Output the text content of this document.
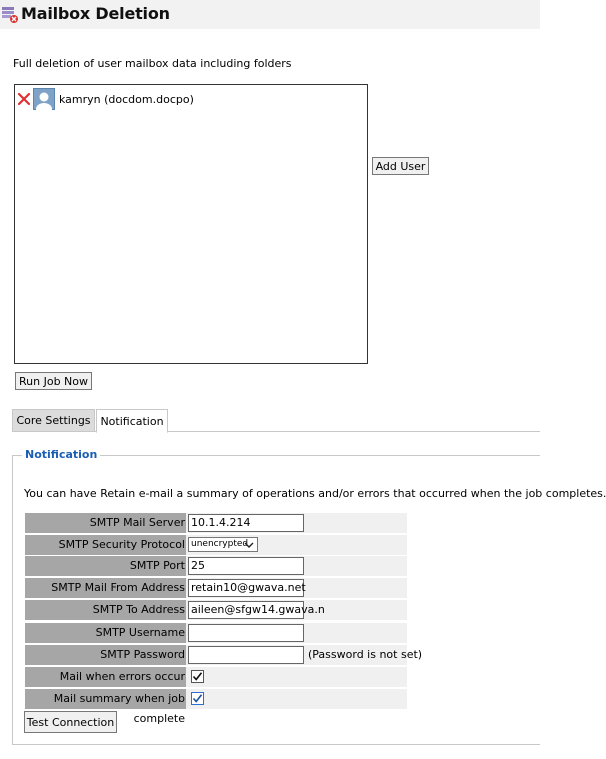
Mailbox Deletion
Full deletion of user mailbox data including folders
kamryn (docdom.docpo)
Add User
Run Job Now
Core Settings Notification
Notification
You can have Retain e-mail a summary of operations and/or errors that occurred when the job completes.
SMTP Mail Server 10.1.4.214
SMTP Security Protocol unencrypted
SMTP Port 25
SMTP Mail From Address retain10@gwava.net
SMTP To Address aileen@sfgw14.gwava.n
SMTP Username
SMTP Password	(Password is not set)
Mail when errors occur
Mail summary when job complete
Test Connection
